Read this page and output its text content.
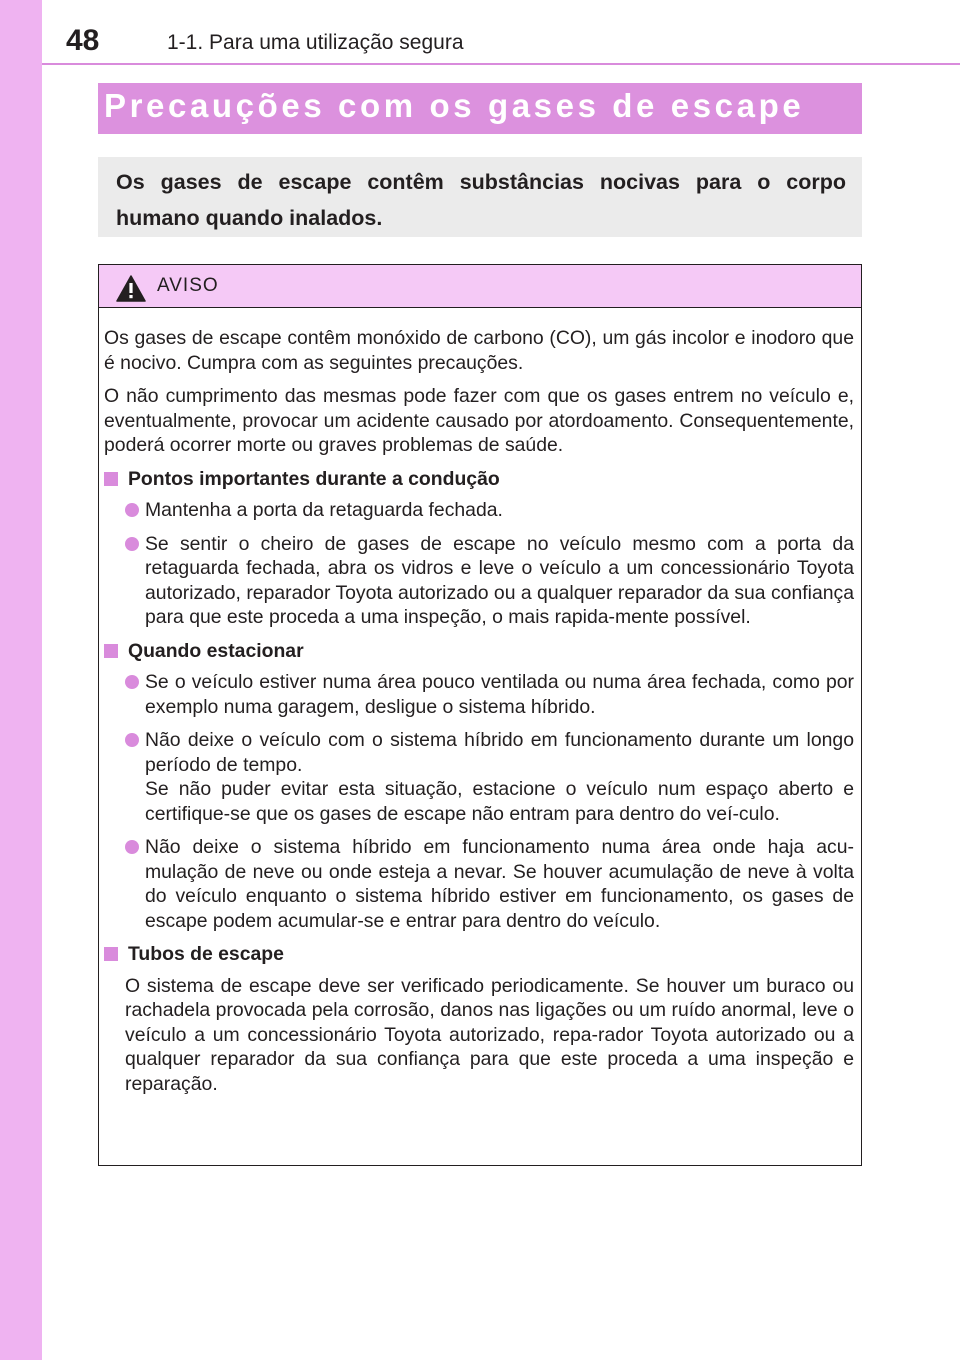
48	1-1. Para uma utilização segura
Precauções com os gases de escape
Os gases de escape contêm substâncias nocivas para o corpo humano quando inalados.
AVISO

Os gases de escape contêm monóxido de carbono (CO), um gás incolor e inodoro que é nocivo. Cumpra com as seguintes precauções.

O não cumprimento das mesmas pode fazer com que os gases entrem no veículo e, eventualmente, provocar um acidente causado por atordoamento. Consequentemente, poderá ocorrer morte ou graves problemas de saúde.

Pontos importantes durante a condução
Mantenha a porta da retaguarda fechada.
Se sentir o cheiro de gases de escape no veículo mesmo com a porta da retaguarda fechada, abra os vidros e leve o veículo a um concessionário Toyota autorizado, reparador Toyota autorizado ou a qualquer reparador da sua confiança para que este proceda a uma inspeção, o mais rapida-mente possível.
Quando estacionar
Se o veículo estiver numa área pouco ventilada ou numa área fechada, como por exemplo numa garagem, desligue o sistema híbrido.
Não deixe o veículo com o sistema híbrido em funcionamento durante um longo período de tempo.
Se não puder evitar esta situação, estacione o veículo num espaço aberto e certifique-se que os gases de escape não entram para dentro do veí-culo.
Não deixe o sistema híbrido em funcionamento numa área onde haja acu-mulação de neve ou onde esteja a nevar. Se houver acumulação de neve à volta do veículo enquanto o sistema híbrido estiver em funcionamento, os gases de escape podem acumular-se e entrar para dentro do veículo.
Tubos de escape

O sistema de escape deve ser verificado periodicamente. Se houver um buraco ou rachadela provocada pela corrosão, danos nas ligações ou um ruído anormal, leve o veículo a um concessionário Toyota autorizado, repa-rador Toyota autorizado ou a qualquer reparador da sua confiança para que este proceda a uma inspeção e reparação.
